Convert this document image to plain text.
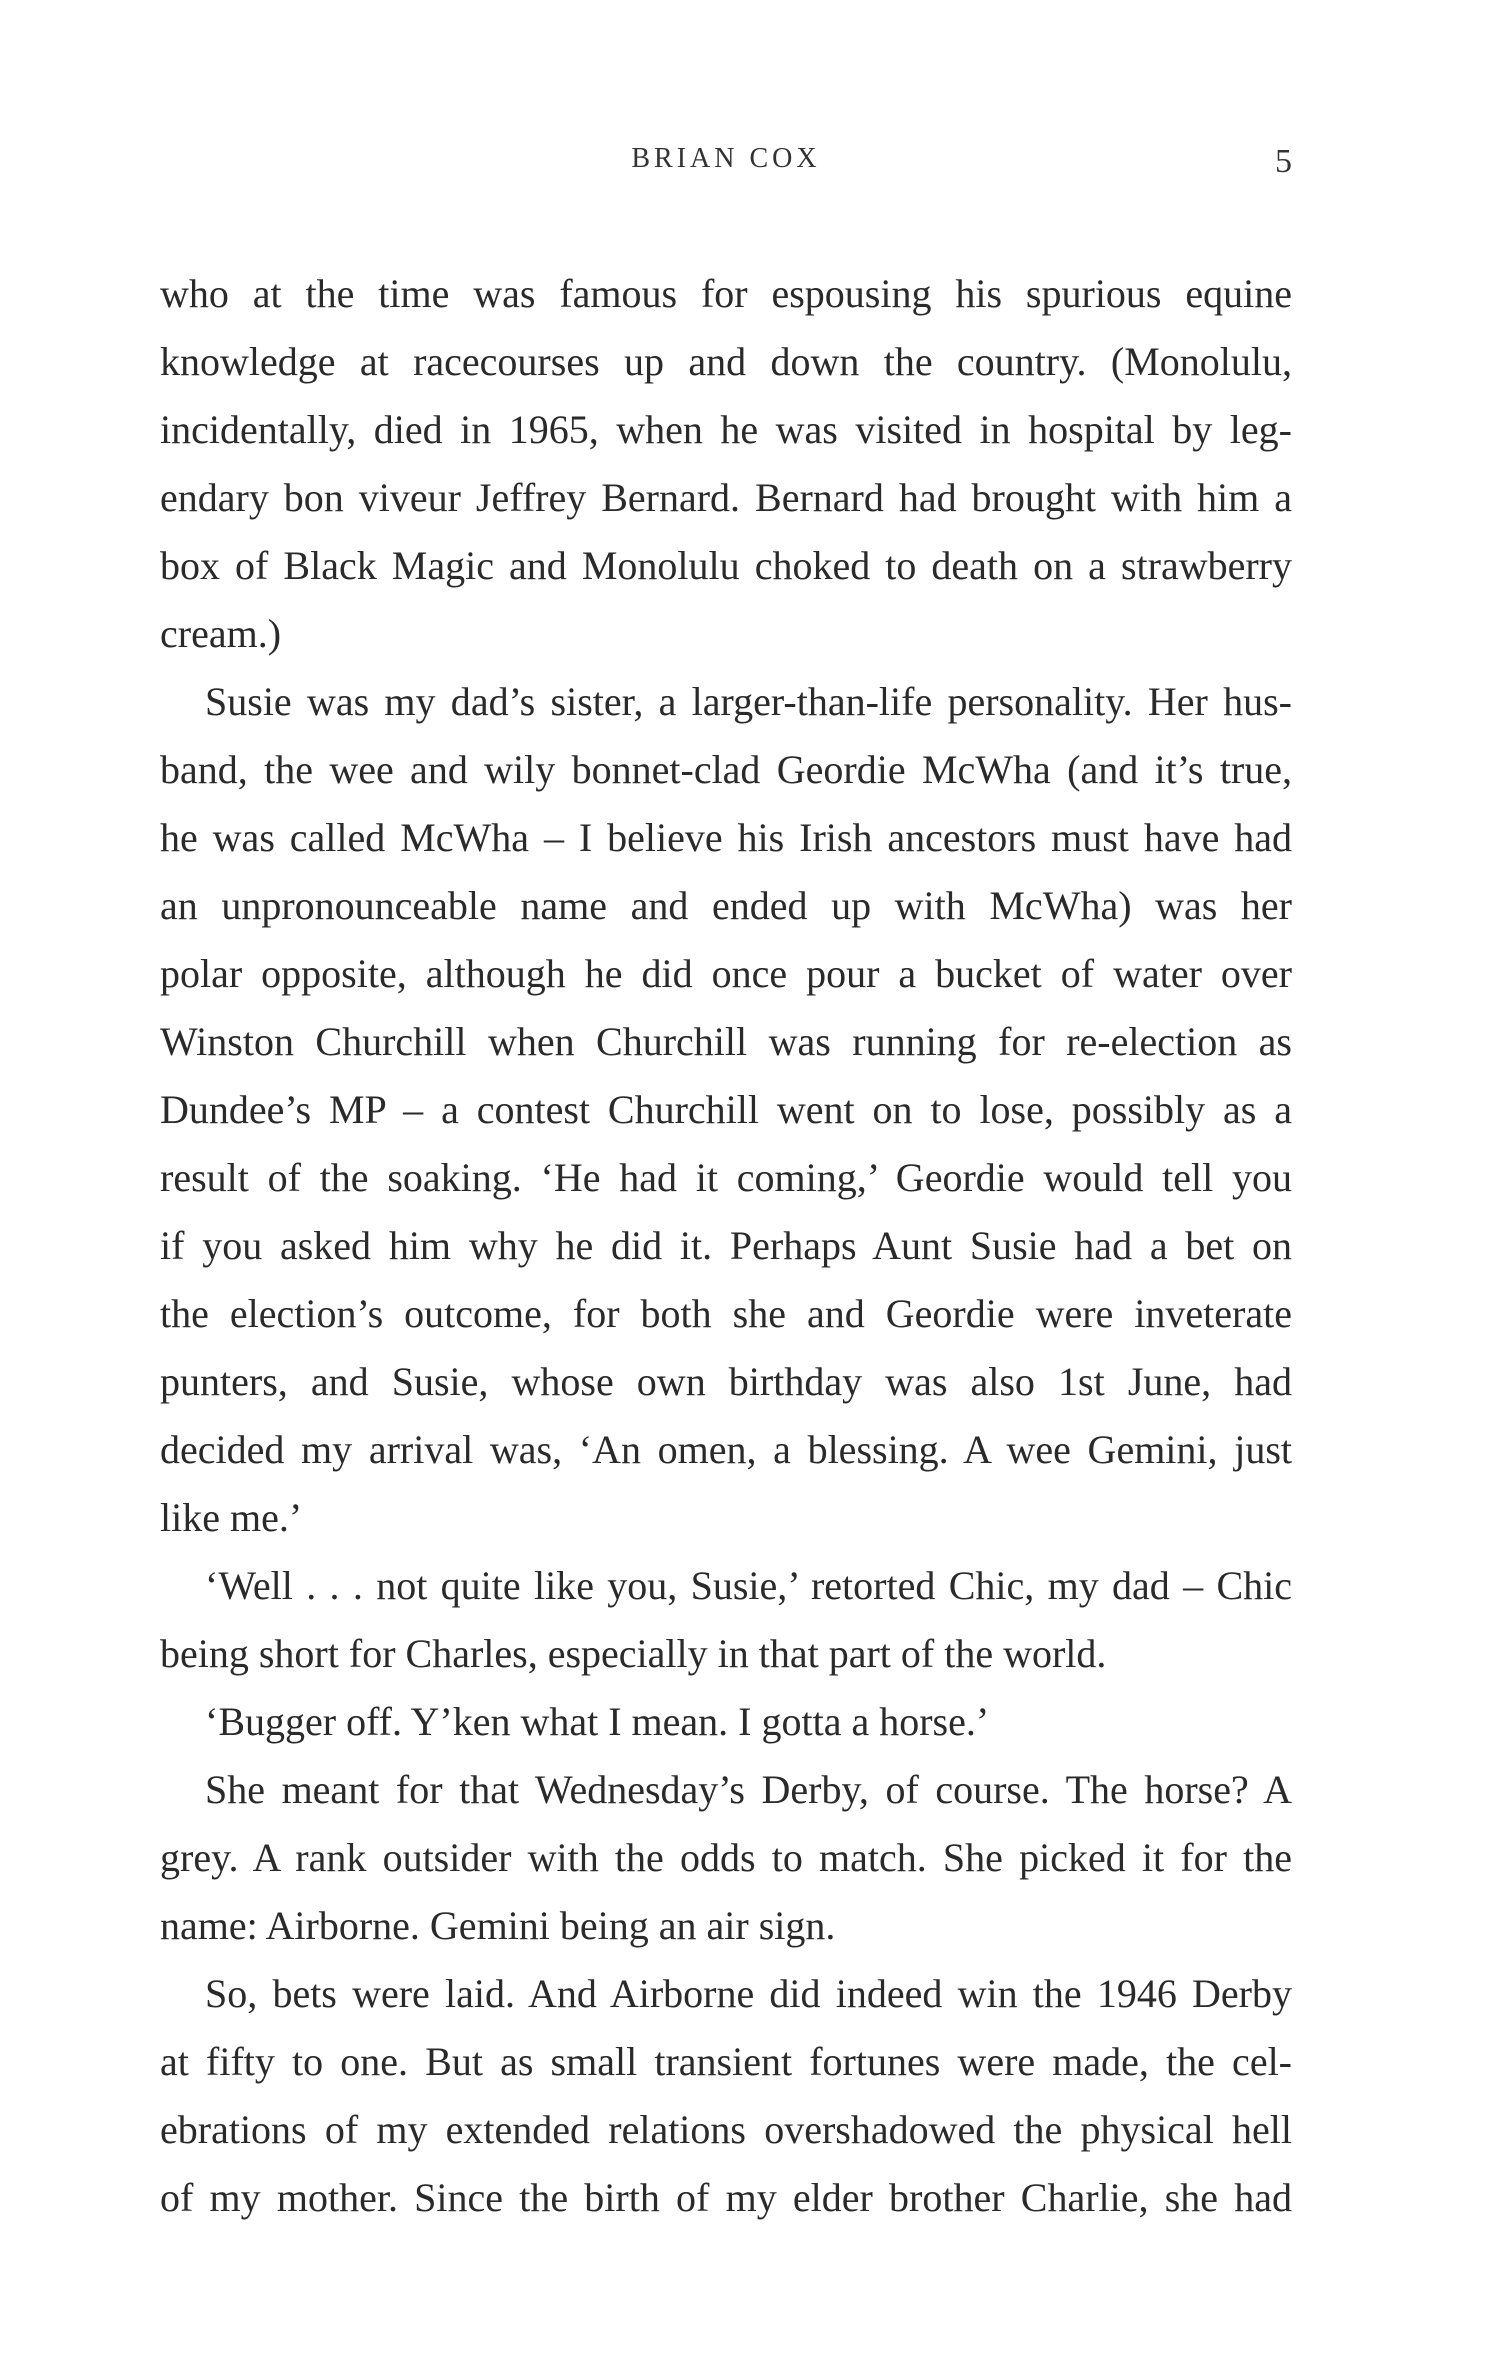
BRIAN COX	5
who at the time was famous for espousing his spurious equine
knowledge at racecourses up and down the country. (Monolulu,
incidentally, died in 1965, when he was visited in hospital by leg-
endary bon viveur Jeffrey Bernard. Bernard had brought with him a
box of Black Magic and Monolulu choked to death on a strawberry
cream.)
Susie was my dad’s sister, a larger-than-life personality. Her hus-
band, the wee and wily bonnet-clad Geordie McWha (and it’s true,
he was called McWha – I believe his Irish ancestors must have had
an unpronounceable name and ended up with McWha) was her
polar opposite, although he did once pour a bucket of water over
Winston Churchill when Churchill was running for re-election as
Dundee’s MP – a contest Churchill went on to lose, possibly as a
result of the soaking. ‘He had it coming,’ Geordie would tell you
if you asked him why he did it. Perhaps Aunt Susie had a bet on
the election’s outcome, for both she and Geordie were inveterate
punters, and Susie, whose own birthday was also 1st June, had
decided my arrival was, ‘An omen, a blessing. A wee Gemini, just
like me.’
‘Well . . . not quite like you, Susie,’ retorted Chic, my dad – Chic
being short for Charles, especially in that part of the world.
‘Bugger off. Y’ken what I mean. I gotta a horse.’
She meant for that Wednesday’s Derby, of course. The horse? A
grey. A rank outsider with the odds to match. She picked it for the
name: Airborne. Gemini being an air sign.
So, bets were laid. And Airborne did indeed win the 1946 Derby
at fifty to one. But as small transient fortunes were made, the cel-
ebrations of my extended relations overshadowed the physical hell
of my mother. Since the birth of my elder brother Charlie, she had
